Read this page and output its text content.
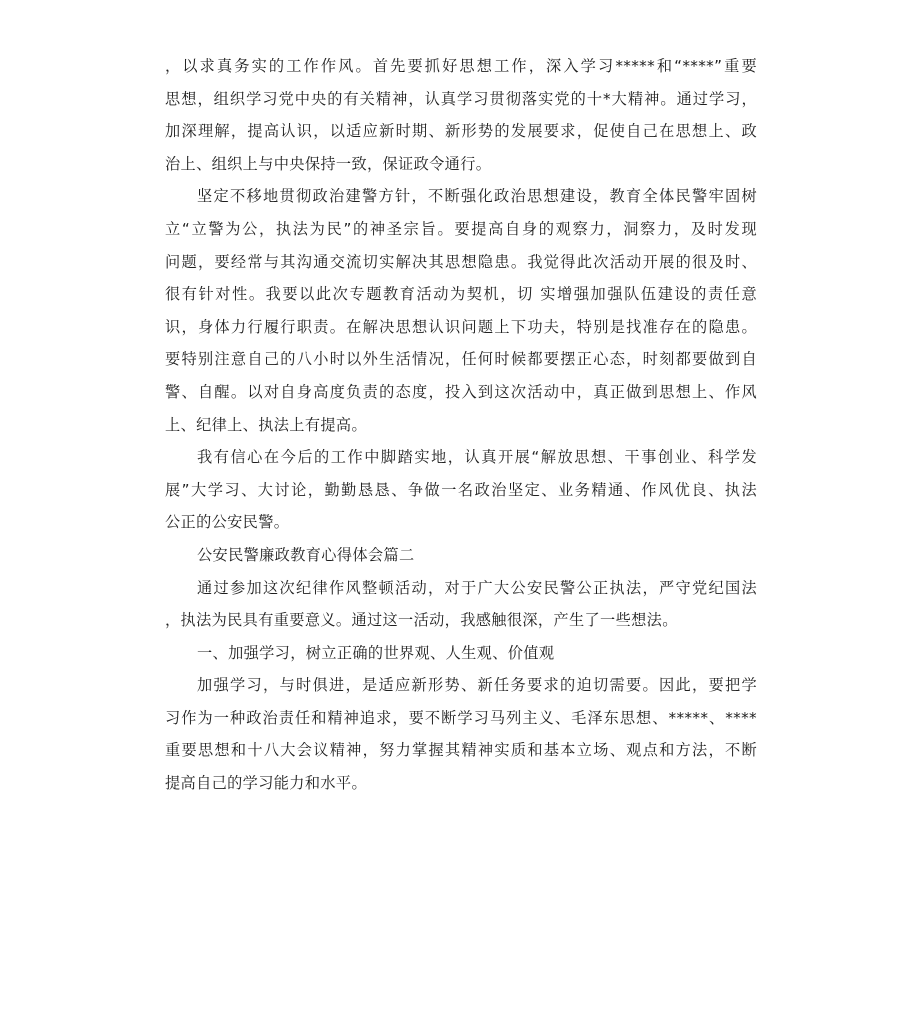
，以求真务实的工作作风。首先要抓好思想工作，深入学习*****和“****”重要
思想，组织学习党中央的有关精神，认真学习贯彻落实党的十*大精神。通过学习，
加深理解，提高认识，以适应新时期、新形势的发展要求，促使自己在思想上、政
治上、组织上与中央保持一致，保证政令通行。
坚定不移地贯彻政治建警方针，不断强化政治思想建设，教育全体民警牢固树
立“立警为公，执法为民”的神圣宗旨。要提高自身的观察力，洞察力，及时发现
问题，要经常与其沟通交流切实解决其思想隐患。我觉得此次活动开展的很及时、
很有针对性。我要以此次专题教育活动为契机，切 实增强加强队伍建设的责任意
识，身体力行履行职责。在解决思想认识问题上下功夫，特别是找准存在的隐患。
要特别注意自己的八小时以外生活情况，任何时候都要摆正心态，时刻都要做到自
警、自醒。以对自身高度负责的态度，投入到这次活动中，真正做到思想上、作风
上、纪律上、执法上有提高。
我有信心在今后的工作中脚踏实地，认真开展“解放思想、干事创业、科学发
展”大学习、大讨论，勤勤恳恳、争做一名政治坚定、业务精通、作风优良、执法
公正的公安民警。
公安民警廉政教育心得体会篇二
通过参加这次纪律作风整顿活动，对于广大公安民警公正执法，严守党纪国法
，执法为民具有重要意义。通过这一活动，我感触很深，产生了一些想法。
一、加强学习，树立正确的世界观、人生观、价值观
加强学习，与时俱进，是适应新形势、新任务要求的迫切需要。因此，要把学
习作为一种政治责任和精神追求，要不断学习马列主义、毛泽东思想、*****、****
重要思想和十八大会议精神，努力掌握其精神实质和基本立场、观点和方法，不断
提高自己的学习能力和水平。
